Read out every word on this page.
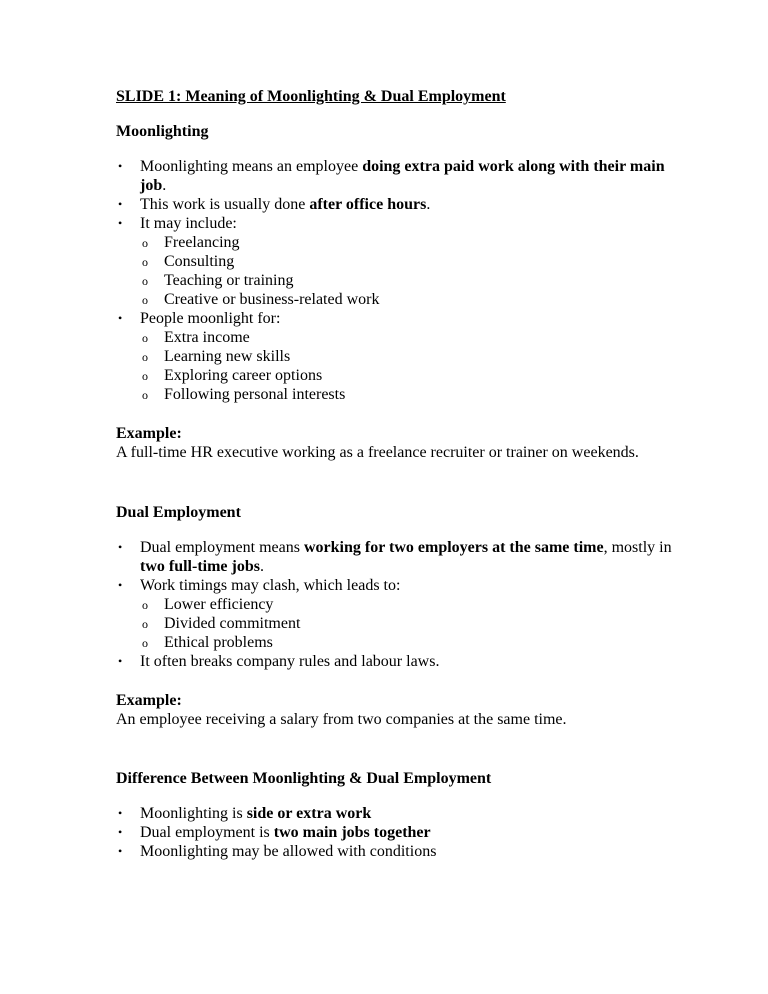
SLIDE 1: Meaning of Moonlighting & Dual Employment
Moonlighting
• Moonlighting means an employee doing extra paid work along with their main job.
• This work is usually done after office hours.
• It may include:
o Freelancing
o Consulting
o Teaching or training
o Creative or business-related work
• People moonlight for:
o Extra income
o Learning new skills
o Exploring career options
o Following personal interests
Example:
A full-time HR executive working as a freelance recruiter or trainer on weekends.
Dual Employment
• Dual employment means working for two employers at the same time, mostly in two full-time jobs.
• Work timings may clash, which leads to:
o Lower efficiency
o Divided commitment
o Ethical problems
• It often breaks company rules and labour laws.
Example:
An employee receiving a salary from two companies at the same time.
Difference Between Moonlighting & Dual Employment
• Moonlighting is side or extra work
• Dual employment is two main jobs together
• Moonlighting may be allowed with conditions
